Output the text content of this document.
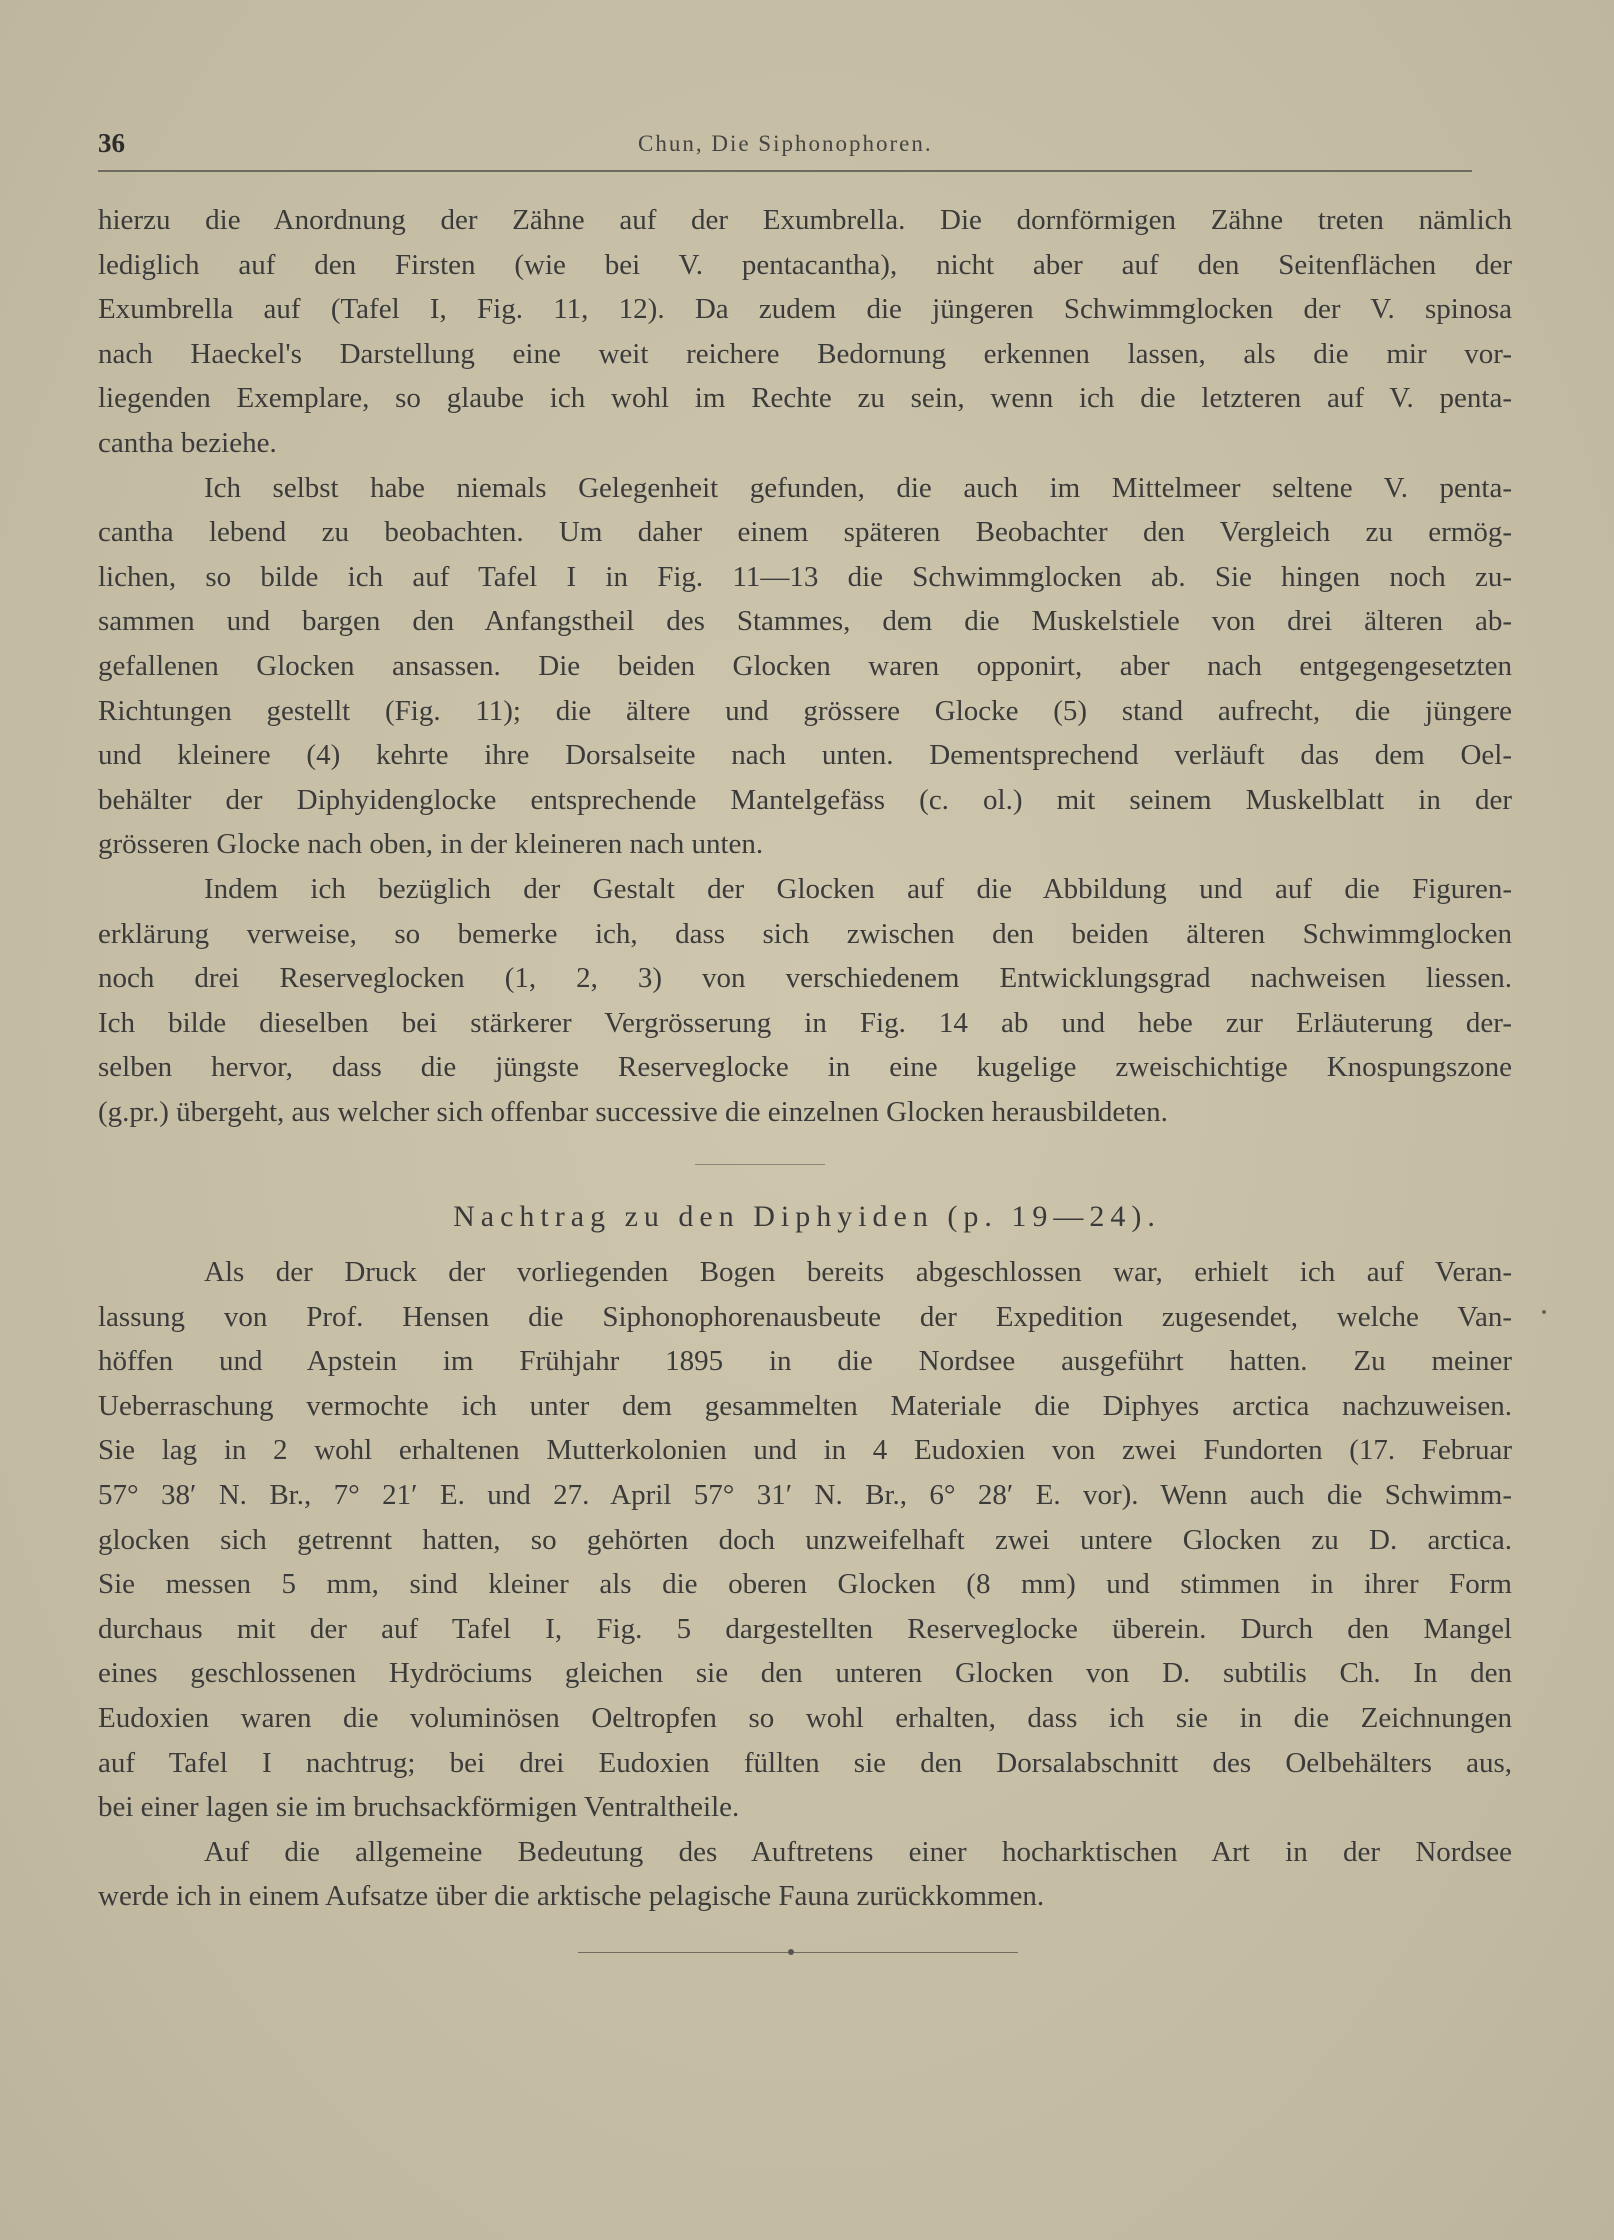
36	Chun, Die Siphonophoren.
hierzu die Anordnung der Zähne auf der Exumbrella. Die dornförmigen Zähne treten nämlich
lediglich auf den Firsten (wie bei V. pentacantha), nicht aber auf den Seitenflächen der
Exumbrella auf (Tafel I, Fig. 11, 12). Da zudem die jüngeren Schwimmglocken der V. spinosa
nach Haeckel's Darstellung eine weit reichere Bedornung erkennen lassen, als die mir vor-
liegenden Exemplare, so glaube ich wohl im Rechte zu sein, wenn ich die letzteren auf V. penta-
cantha beziehe.
Ich selbst habe niemals Gelegenheit gefunden, die auch im Mittelmeer seltene V. penta-
cantha lebend zu beobachten. Um daher einem späteren Beobachter den Vergleich zu ermög-
lichen, so bilde ich auf Tafel I in Fig. 11—13 die Schwimmglocken ab. Sie hingen noch zu-
sammen und bargen den Anfangstheil des Stammes, dem die Muskelstiele von drei älteren ab-
gefallenen Glocken ansassen. Die beiden Glocken waren opponirt, aber nach entgegengesetzten
Richtungen gestellt (Fig. 11); die ältere und grössere Glocke (5) stand aufrecht, die jüngere
und kleinere (4) kehrte ihre Dorsalseite nach unten. Dementsprechend verläuft das dem Oel-
behälter der Diphyidenglocke entsprechende Mantelgefäss (c. ol.) mit seinem Muskelblatt in der
grösseren Glocke nach oben, in der kleineren nach unten.
Indem ich bezüglich der Gestalt der Glocken auf die Abbildung und auf die Figuren-
erklärung verweise, so bemerke ich, dass sich zwischen den beiden älteren Schwimmglocken
noch drei Reserveglocken (1, 2, 3) von verschiedenem Entwicklungsgrad nachweisen liessen.
Ich bilde dieselben bei stärkerer Vergrösserung in Fig. 14 ab und hebe zur Erläuterung der-
selben hervor, dass die jüngste Reserveglocke in eine kugelige zweischichtige Knospungszone
(g.pr.) übergeht, aus welcher sich offenbar successive die einzelnen Glocken herausbildeten.
Nachtrag zu den Diphyiden (p. 19—24).
Als der Druck der vorliegenden Bogen bereits abgeschlossen war, erhielt ich auf Veran-
lassung von Prof. Hensen die Siphonophorenausbeute der Expedition zugesendet, welche Van-
höffen und Apstein im Frühjahr 1895 in die Nordsee ausgeführt hatten. Zu meiner
Ueberraschung vermochte ich unter dem gesammelten Materiale die Diphyes arctica nachzuweisen.
Sie lag in 2 wohl erhaltenen Mutterkolonien und in 4 Eudoxien von zwei Fundorten (17. Februar
57° 38′ N. Br., 7° 21′ E. und 27. April 57° 31′ N. Br., 6° 28′ E. vor). Wenn auch die Schwimm-
glocken sich getrennt hatten, so gehörten doch unzweifelhaft zwei untere Glocken zu D. arctica.
Sie messen 5 mm, sind kleiner als die oberen Glocken (8 mm) und stimmen in ihrer Form
durchaus mit der auf Tafel I, Fig. 5 dargestellten Reserveglocke überein. Durch den Mangel
eines geschlossenen Hydröciums gleichen sie den unteren Glocken von D. subtilis Ch. In den
Eudoxien waren die voluminösen Oeltropfen so wohl erhalten, dass ich sie in die Zeichnungen
auf Tafel I nachtrug; bei drei Eudoxien füllten sie den Dorsalabschnitt des Oelbehälters aus,
bei einer lagen sie im bruchsackförmigen Ventraltheile.
Auf die allgemeine Bedeutung des Auftretens einer hocharktischen Art in der Nordsee
werde ich in einem Aufsatze über die arktische pelagische Fauna zurückkommen.
